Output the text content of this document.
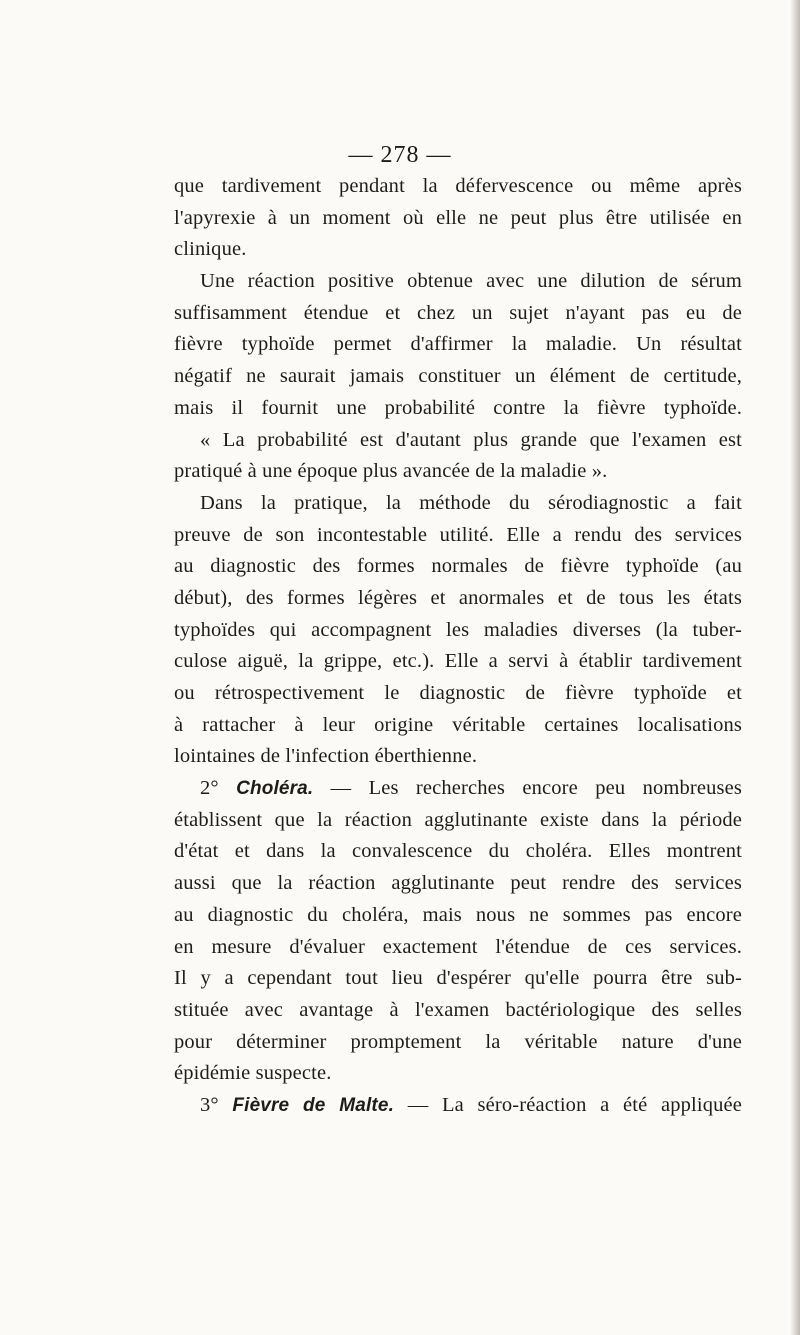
— 278 —
que tardivement pendant la défervescence ou même après
l'apyrexie à un moment où elle ne peut plus être utilisée en
clinique.
Une réaction positive obtenue avec une dilution de sérum
suffisamment étendue et chez un sujet n'ayant pas eu de
fièvre typhoïde permet d'affirmer la maladie. Un résultat
négatif ne saurait jamais constituer un élément de certitude,
mais il fournit une probabilité contre la fièvre typhoïde.
« La probabilité est d'autant plus grande que l'examen est
pratiqué à une époque plus avancée de la maladie ».
Dans la pratique, la méthode du sérodiagnostic a fait
preuve de son incontestable utilité. Elle a rendu des services
au diagnostic des formes normales de fièvre typhoïde (au
début), des formes légères et anormales et de tous les états
typhoïdes qui accompagnent les maladies diverses (la tuber-
culose aiguë, la grippe, etc.). Elle a servi à établir tardivement
ou rétrospectivement le diagnostic de fièvre typhoïde et
à rattacher à leur origine véritable certaines localisations
lointaines de l'infection éberthienne.
2° Choléra. — Les recherches encore peu nombreuses
établissent que la réaction agglutinante existe dans la période
d'état et dans la convalescence du choléra. Elles montrent
aussi que la réaction agglutinante peut rendre des services
au diagnostic du choléra, mais nous ne sommes pas encore
en mesure d'évaluer exactement l'étendue de ces services.
Il y a cependant tout lieu d'espérer qu'elle pourra être sub-
stituée avec avantage à l'examen bactériologique des selles
pour déterminer promptement la véritable nature d'une
épidémie suspecte.
3° Fièvre de Malte. — La séro-réaction a été appliquée
